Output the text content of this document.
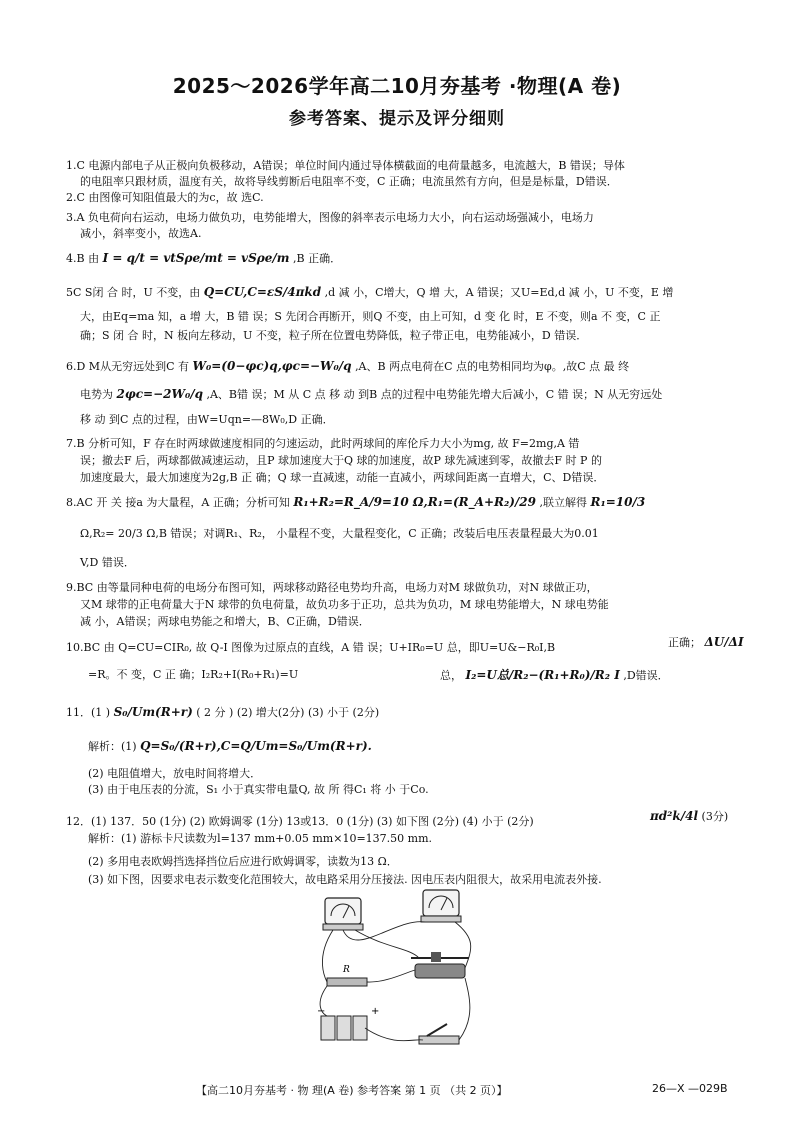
2025～2026学年高二10月夯基考 ·物理(A 卷)
参考答案、提示及评分细则
1.C 电源内部电子从正极向负极移动，A错误；单位时间内通过导体横截面的电荷量越多，电流越大，B 错误；导体
的电阻率只跟材质，温度有关，故将导线剪断后电阻率不变，C 正确；电流虽然有方向，但是是标量，D错误．
2.C 由图像可知阻值最大的为c，故 选C.
3.A 负电荷向右运动，电场力做负功，电势能增大，图像的斜率表示电场力大小，向右运动场强减小，电场力
减小，斜率变小，故选A.
4.B 由 I = q/t = vtSρe/mt = vSρe/m ,B 正确．
5C S闭 合 时，U 不变，由 Q=CU,C=εS/4πkd ,d 减 小，C增大，Q 增 大，A 错误；又U=Ed,d 减 小，U 不变，E 增
大，由Eq=ma 知，a 增 大，B 错 误；S 先闭合再断开，则Q 不变，由上可知，d 变 化 时，E 不变，则a 不 变，C 正
确；S 闭 合 时，N 板向左移动，U 不变，粒子所在位置电势降低，粒子带正电，电势能减小，D 错误．
6.D M从无穷远处到C 有 W₀=(0−φc)q,φc=−W₀/q ,A、B 两点电荷在C 点的电势相同均为φ。,故C 点 最 终
电势为 2φc=−2W₀/q ,A、B错 误；M 从 C 点 移 动 到B 点的过程中电势能先增大后减小，C 错 误；N 从无穷远处
移 动 到C 点的过程，由W=Uqn=—8W₀,D 正确．
7.B 分析可知，F 存在时两球做速度相同的匀速运动，此时两球间的库伦斥力大小为mg, 故 F=2mg,A 错
误；撤去F 后，两球都做减速运动，且P 球加速度大于Q 球的加速度，故P 球先减速到零，故撤去F 时 P 的
加速度最大，最大加速度为2g,B 正 确；Q 球一直减速，动能一直减小，两球间距离一直增大，C、D错误．
8.AC 开 关 接a 为大量程，A 正确；分析可知 R₁+R₂=R_A/9=10 Ω,R₁=(R_A+R₂)/29 ,联立解得 R₁=10/3
Ω,R₂= 20/3 Ω,B 错误；对调R₁、R₂， 小量程不变，大量程变化，C 正确；改装后电压表量程最大为0.01
V,D 错误．
9.BC 由等量同种电荷的电场分布图可知，两球移动路径电势均升高，电场力对M 球做负功，对N 球做正功，
又M 球带的正电荷量大于N 球带的负电荷量，故负功多于正功，总共为负功，M 球电势能增大，N 球电势能
减 小，A错误；两球电势能之和增大，B、C正确，D错误．
10.BC 由 Q=CU=CIR₀, 故 Q-I 图像为过原点的直线，A 错 误；U+IR₀=U 总，即U=U&−R₀I,B	正确； ΔU/ΔI
=R。不 变，C 正 确；I₂R₂+I(R₀+R₁)=U	总， I₂=U总/R₂−(R₁+R₀)/R₂ I ,D错误．
11．(1 ) S₀/Um(R+r) ( 2 分 ) (2) 增大(2分) (3) 小于 (2分)
解析：(1) Q=S₀/(R+r),C=Q/Um=S₀/Um(R+r).
(2) 电阻值增大，放电时间将增大．
(3) 由于电压表的分流，S₁ 小于真实带电量Q, 故 所 得C₁ 将 小 于Co.
12．(1) 137．50 (1分) (2) 欧姆调零 (1分) 13或13．0 (1分) (3) 如下图 (2分) (4) 小于 (2分)	πd²k/4l (3分)
解析：(1) 游标卡尺读数为l=137 mm+0.05 mm×10=137.50 mm.
(2) 多用电表欧姆挡选择挡位后应进行欧姆调零，读数为13 Ω．
(3) 如下图，因要求电表示数变化范围较大，故电路采用分压接法. 因电压表内阻很大，故采用电流表外接.
R
+
−
【高二10月夯基考 · 物 理(A 卷) 参考答案 第 1 页 （共 2 页）】	26—X —029B
